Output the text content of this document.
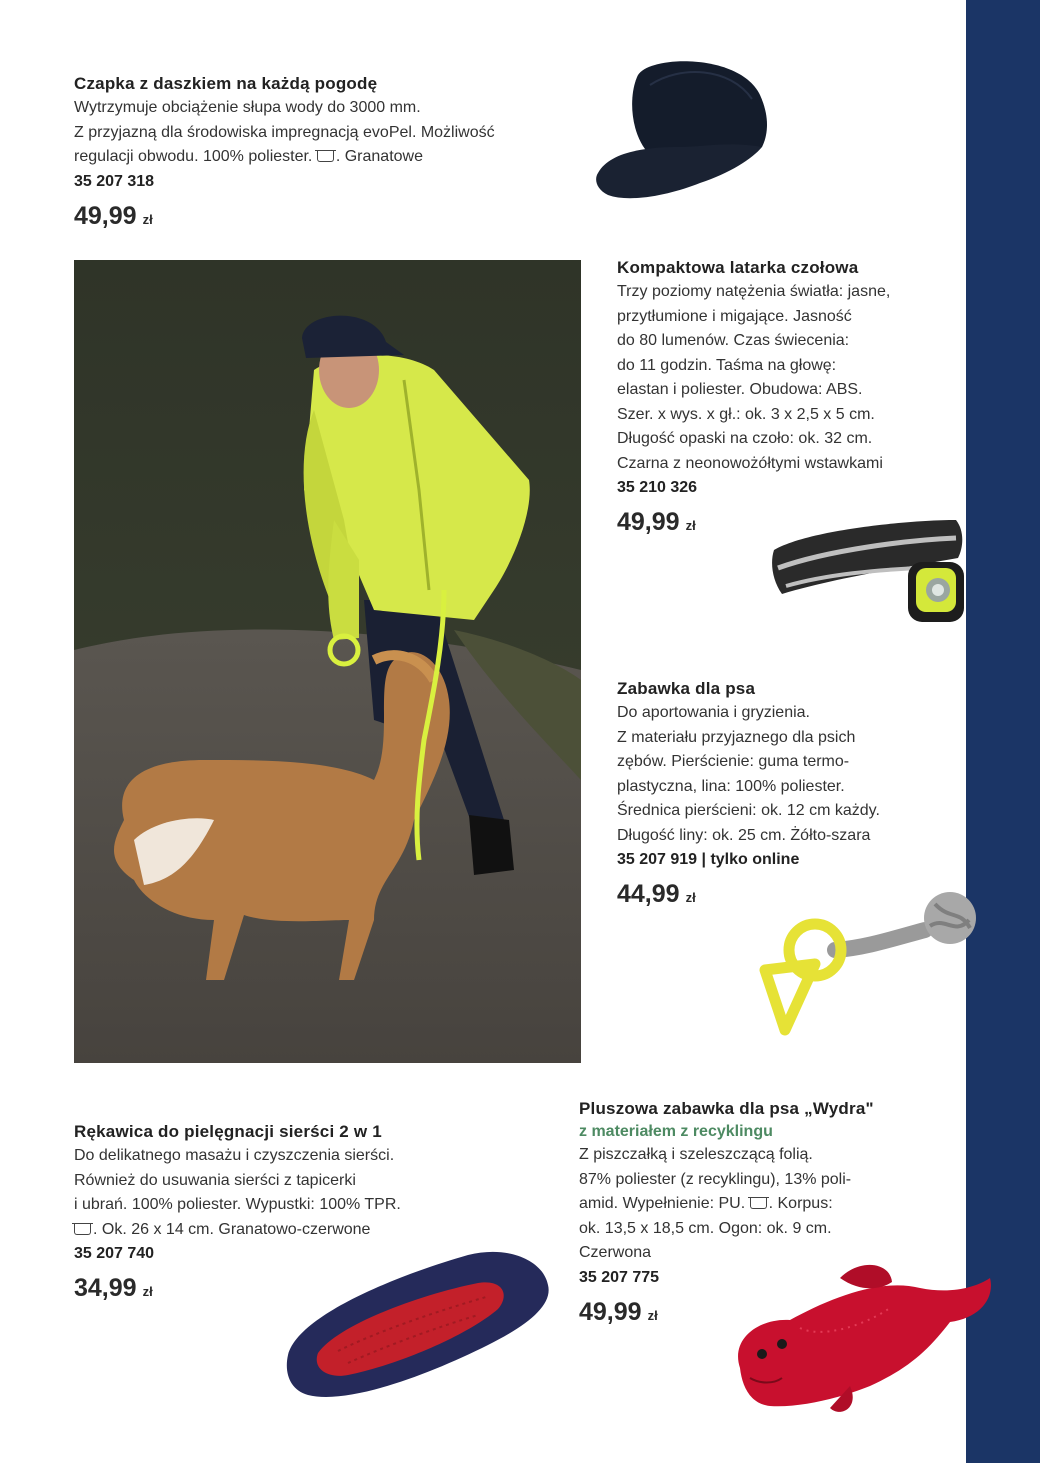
Czapka z daszkiem na każdą pogodę
Wytrzymuje obciążenie słupa wody do 3000 mm.
Z przyjazną dla środowiska impregnacją evoPel. Możliwość
regulacji obwodu. 100% poliester. . Granatowe
35 207 318
49,99 zł
Kompaktowa latarka czołowa
Trzy poziomy natężenia światła: jasne,
przytłumione i migające. Jasność
do 80 lumenów. Czas świecenia:
do 11 godzin. Taśma na głowę:
elastan i poliester. Obudowa: ABS.
Szer. x wys. x gł.: ok. 3 x 2,5 x 5 cm.
Długość opaski na czoło: ok. 32 cm.
Czarna z neonowożółtymi wstawkami
35 210 326
49,99 zł
Zabawka dla psa
Do aportowania i gryzienia.
Z materiału przyjaznego dla psich
zębów. Pierścienie: guma termo-
plastyczna, lina: 100% poliester.
Średnica pierścieni: ok. 12 cm każdy.
Długość liny: ok. 25 cm. Żółto-szara
35 207 919 | tylko online
44,99 zł
Rękawica do pielęgnacji sierści 2 w 1
Do delikatnego masażu i czyszczenia sierści.
Również do usuwania sierści z tapicerki
i ubrań. 100% poliester. Wypustki: 100% TPR.
. Ok. 26 x 14 cm. Granatowo-czerwone
35 207 740
34,99 zł
Pluszowa zabawka dla psa „Wydra"
z materiałem z recyklingu
Z piszczałką i szeleszczącą folią.
87% poliester (z recyklingu), 13% poli-
amid. Wypełnienie: PU. . Korpus:
ok. 13,5 x 18,5 cm. Ogon: ok. 9 cm.
Czerwona
35 207 775
49,99 zł
